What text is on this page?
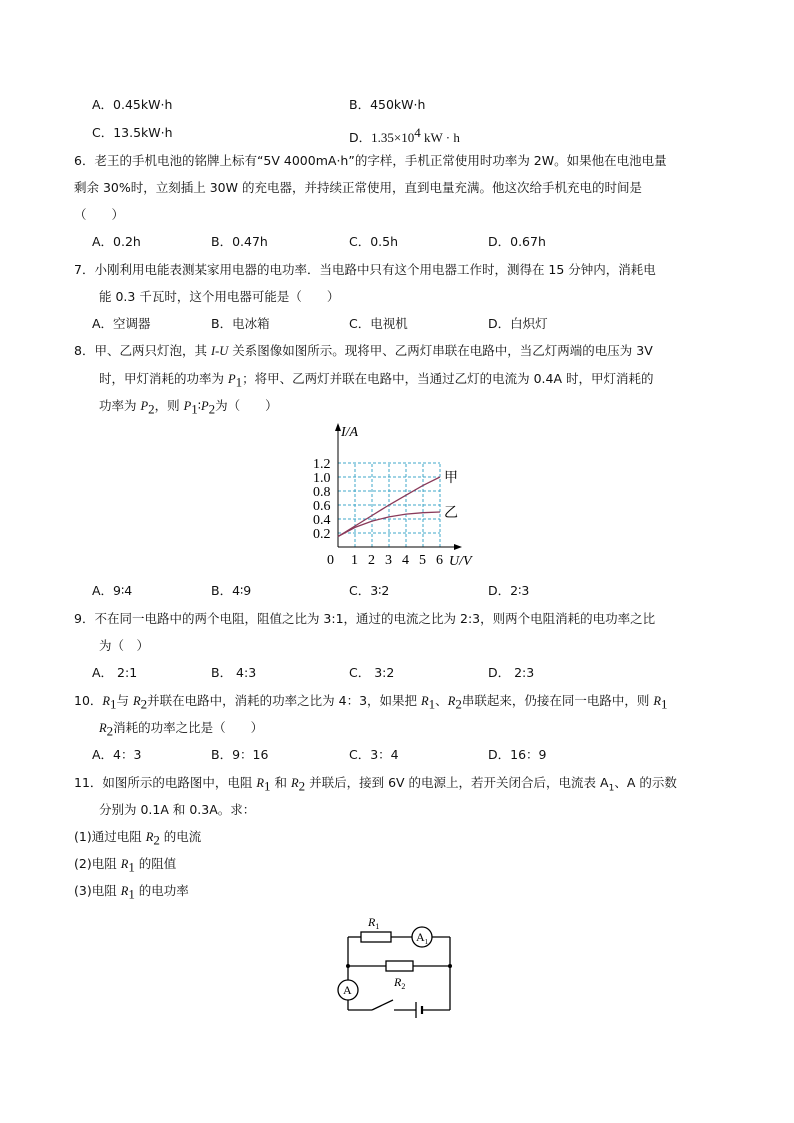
A．0.45kW·h	B．450kW·h
C．13.5kW·h	D．$1.35\times 10^4$ kW · h
6．老王的手机电池的铭牌上标有“5V 4000mA·h”的字样，手机正常使用时功率为 2W。如果他在电池电量
剩余 30%时，立刻插上 30W 的充电器，并持续正常使用，直到电量充满。他这次给手机充电的时间是
（　　）
A．0.2h	B．0.47h	C．0.5h	D．0.67h
7．小刚利用电能表测某家用电器的电功率．当电路中只有这个用电器工作时，测得在 15 分钟内，消耗电
能 0.3 千瓦时，这个用电器可能是（　　）
A．空调器	B．电冰箱	C．电视机	D．白炽灯
8．甲、乙两只灯泡，其 I-U 关系图像如图所示。现将甲、乙两灯串联在电路中，当乙灯两端的电压为 3V
时，甲灯消耗的功率为 $P_1$；将甲、乙两灯并联在电路中，当通过乙灯的电流为 0.4A 时，甲灯消耗的
功率为 $P_2$，则 $P_1∶P_2$为（　　）
I/A
U/V
0 1 2 3 4 5 6
0.2
0.4
0.6
0.8
1.0
1.2
甲
乙
A．9∶4	B．4∶9	C．3∶2	D．2∶3
9．不在同一电路中的两个电阻，阻值之比为 3:1，通过的电流之比为 2:3，则两个电阻消耗的电功率之比
为（　）
A． 2:1	B． 4:3	C． 3:2	D． 2:3
10．$R_1$与 $R_2$并联在电路中，消耗的功率之比为 4：3，如果把 $R_1$、$R_2$串联起来，仍接在同一电路中，则 $R_1$
$R_2$消耗的功率之比是（　　）
A．4：3	B．9：16	C．3：4	D．16：9
11．如图所示的电路图中，电阻 $R_1$ 和 $R_2$ 并联后，接到 6V 的电源上，若开关闭合后，电流表 $A_1$、A 的示数
分别为 0.1A 和 0.3A。求：
(1)通过电阻 $R_2$ 的电流
(2)电阻 $R_1$ 的阻值
(3)电阻 $R_1$ 的电功率
$R_1$
$A_1$
$R_2$
A
